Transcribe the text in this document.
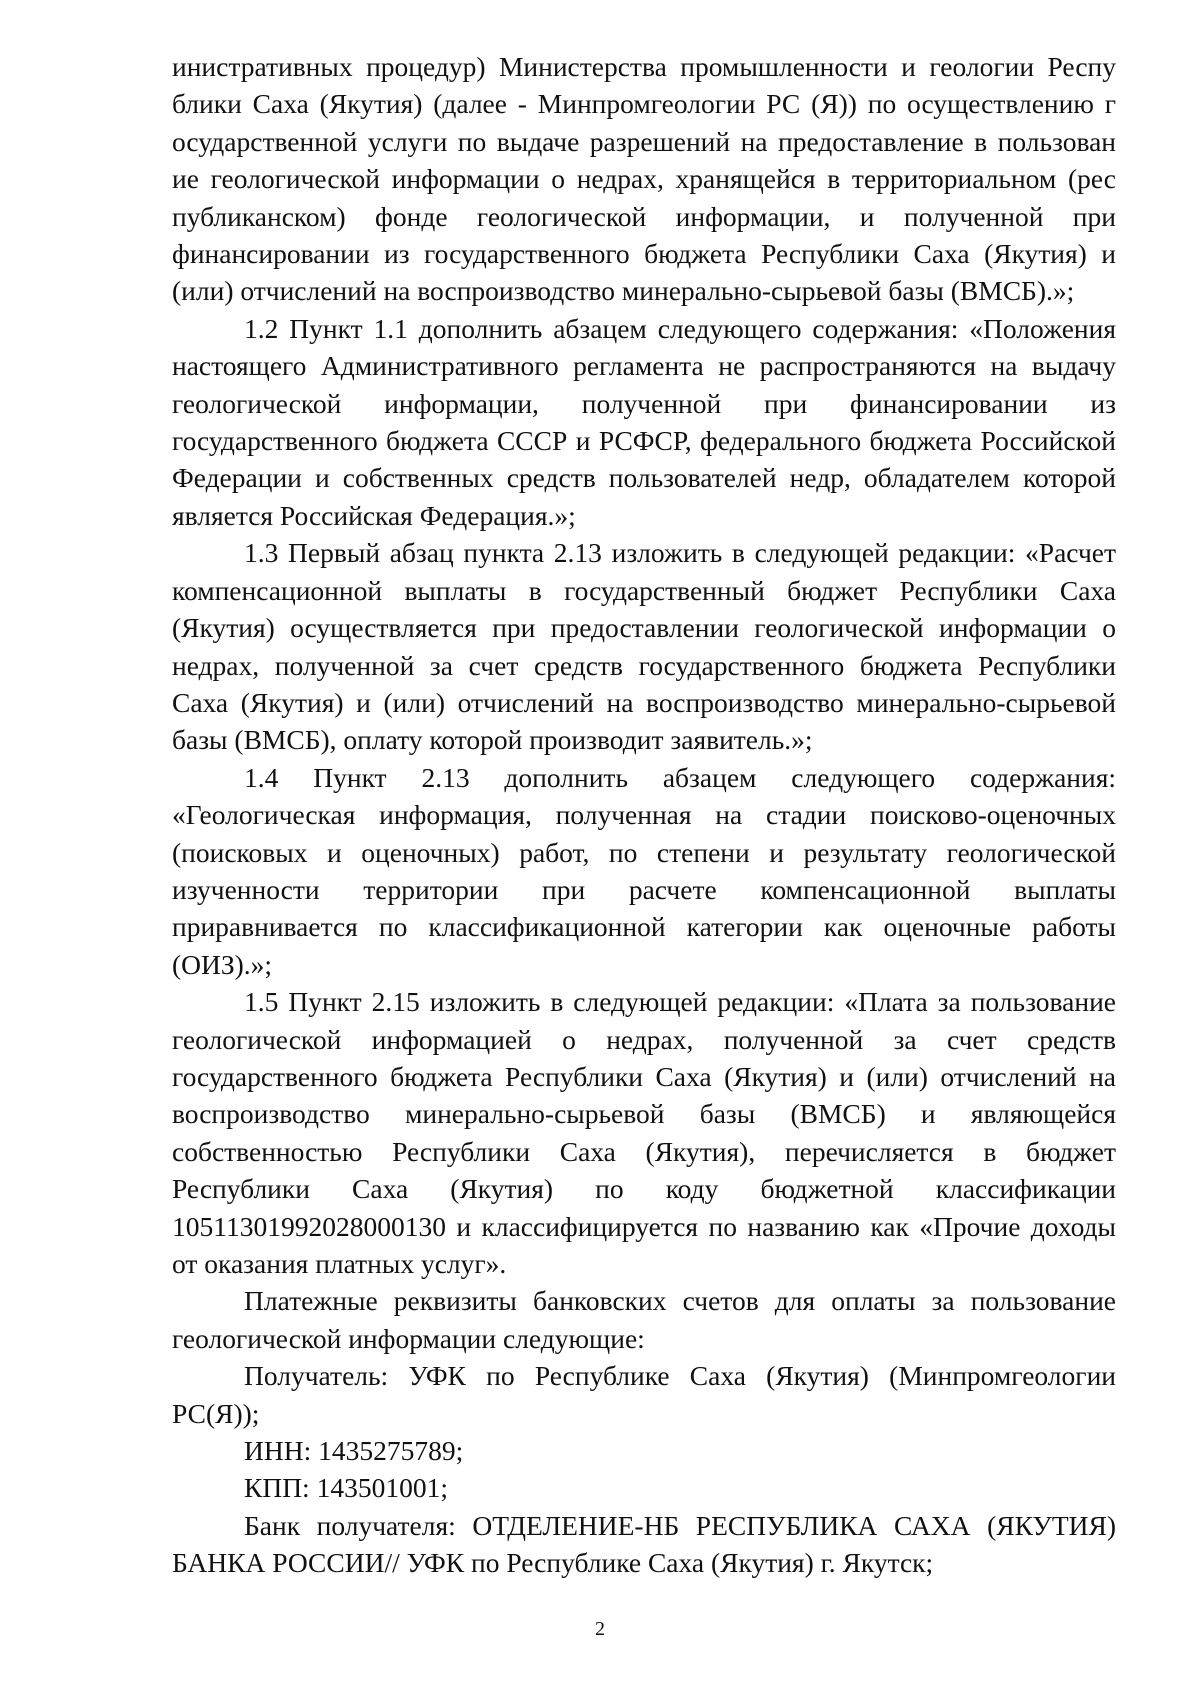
инистративных процедур) Министерства промышленности и геологии Респу блики Саха (Якутия) (далее - Минпромгеологии РС (Я)) по осуществлению г осударственной услуги по выдаче разрешений на предоставление в пользован ие геологической информации о недрах, хранящейся в территориальном (рес публиканском) фонде геологической информации, и полученной при финансировании из государственного бюджета Республики Саха (Якутия) и (или) отчислений на воспроизводство минерально-сырьевой базы (ВМСБ).»;

1.2 Пункт 1.1 дополнить абзацем следующего содержания: «Положения настоящего Административного регламента не распространяются на выдачу геологической информации, полученной при финансировании из государственного бюджета СССР и РСФСР, федерального бюджета Российской Федерации и собственных средств пользователей недр, обладателем которой является Российская Федерация.»;

1.3 Первый абзац пункта 2.13 изложить в следующей редакции: «Расчет компенсационной выплаты в государственный бюджет Республики Саха (Якутия) осуществляется при предоставлении геологической информации о недрах, полученной за счет средств государственного бюджета Республики Саха (Якутия) и (или) отчислений на воспроизводство минерально-сырьевой базы (ВМСБ), оплату которой производит заявитель.»;

1.4 Пункт 2.13 дополнить абзацем следующего содержания: «Геологическая информация, полученная на стадии поисково-оценочных (поисковых и оценочных) работ, по степени и результату геологической изученности территории при расчете компенсационной выплаты приравнивается по классификационной категории как оценочные работы (ОИЗ).»;

1.5 Пункт 2.15 изложить в следующей редакции: «Плата за пользование геологической информацией о недрах, полученной за счет средств государственного бюджета Республики Саха (Якутия) и (или) отчислений на воспроизводство минерально-сырьевой базы (ВМСБ) и являющейся собственностью Республики Саха (Якутия), перечисляется в бюджет Республики Саха (Якутия) по коду бюджетной классификации 10511301992028000130 и классифицируется по названию как «Прочие доходы от оказания платных услуг».

Платежные реквизиты банковских счетов для оплаты за пользование геологической информации следующие:

Получатель: УФК по Республике Саха (Якутия) (Минпромгеологии РС(Я));

ИНН: 1435275789;

КПП: 143501001;

Банк получателя: ОТДЕЛЕНИЕ-НБ РЕСПУБЛИКА САХА (ЯКУТИЯ) БАНКА РОССИИ// УФК по Республике Саха (Якутия) г. Якутск;

2
